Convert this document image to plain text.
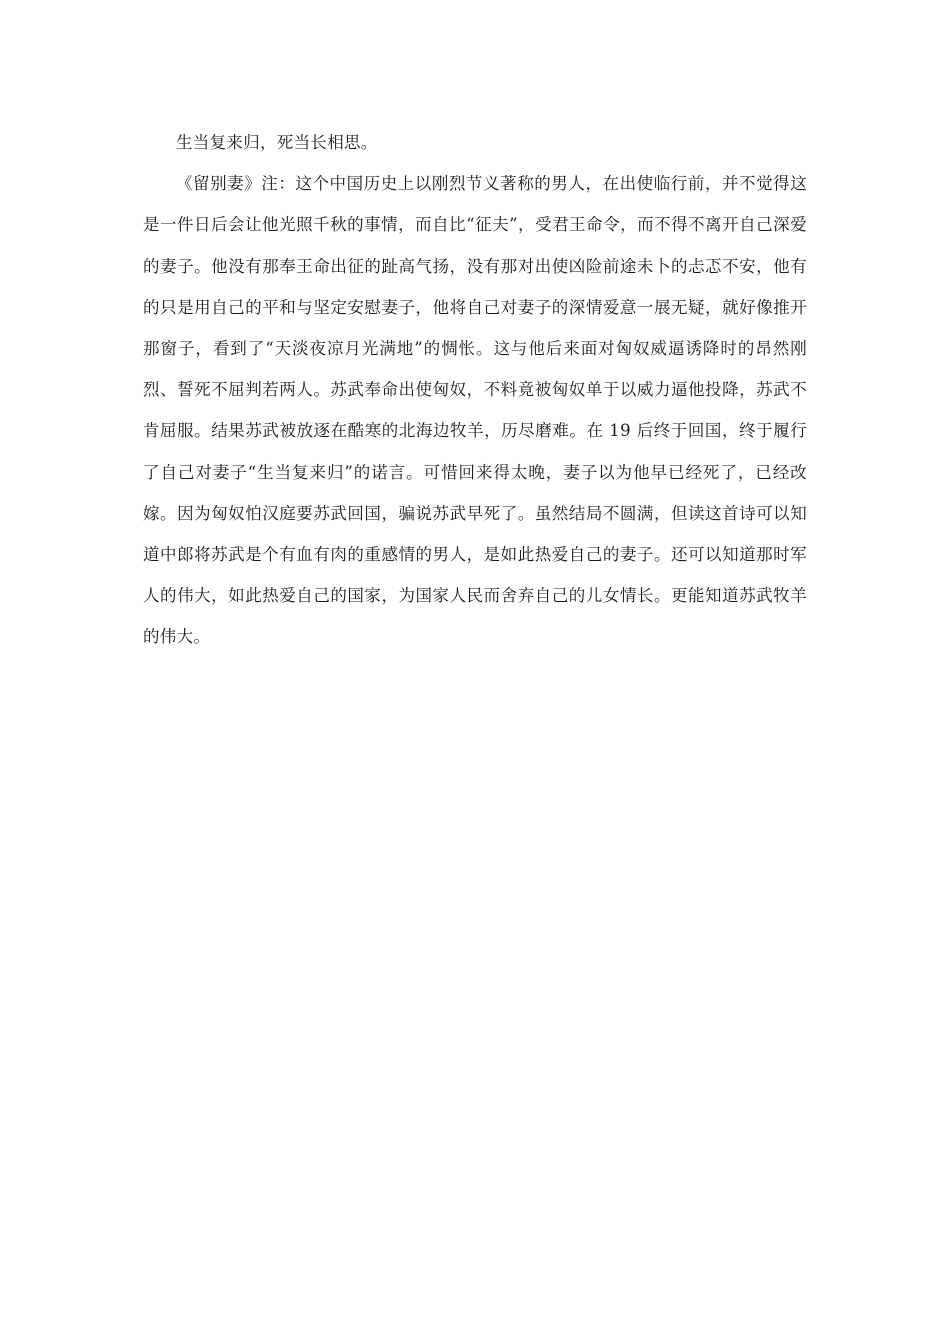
生当复来归，死当长相思。

《留别妻》注：这个中国历史上以刚烈节义著称的男人，在出使临行前，并不觉得这是一件日后会让他光照千秋的事情，而自比“征夫”，受君王命令，而不得不离开自己深爱的妻子。他没有那奉王命出征的趾高气扬，没有那对出使凶险前途未卜的忐忑不安，他有的只是用自己的平和与坚定安慰妻子，他将自己对妻子的深情爱意一展无疑，就好像推开那窗子，看到了“天淡夜凉月光满地”的惆怅。这与他后来面对匈奴威逼诱降时的昂然刚烈、誓死不屈判若两人。苏武奉命出使匈奴，不料竟被匈奴单于以威力逼他投降，苏武不肯屈服。结果苏武被放逐在酷寒的北海边牧羊，历尽磨难。在 19 后终于回国，终于履行了自己对妻子“生当复来归”的诺言。可惜回来得太晚，妻子以为他早已经死了，已经改嫁。因为匈奴怕汉庭要苏武回国，骗说苏武早死了。虽然结局不圆满，但读这首诗可以知道中郎将苏武是个有血有肉的重感情的男人，是如此热爱自己的妻子。还可以知道那时军人的伟大，如此热爱自己的国家，为国家人民而舍弃自己的儿女情长。更能知道苏武牧羊的伟大。
